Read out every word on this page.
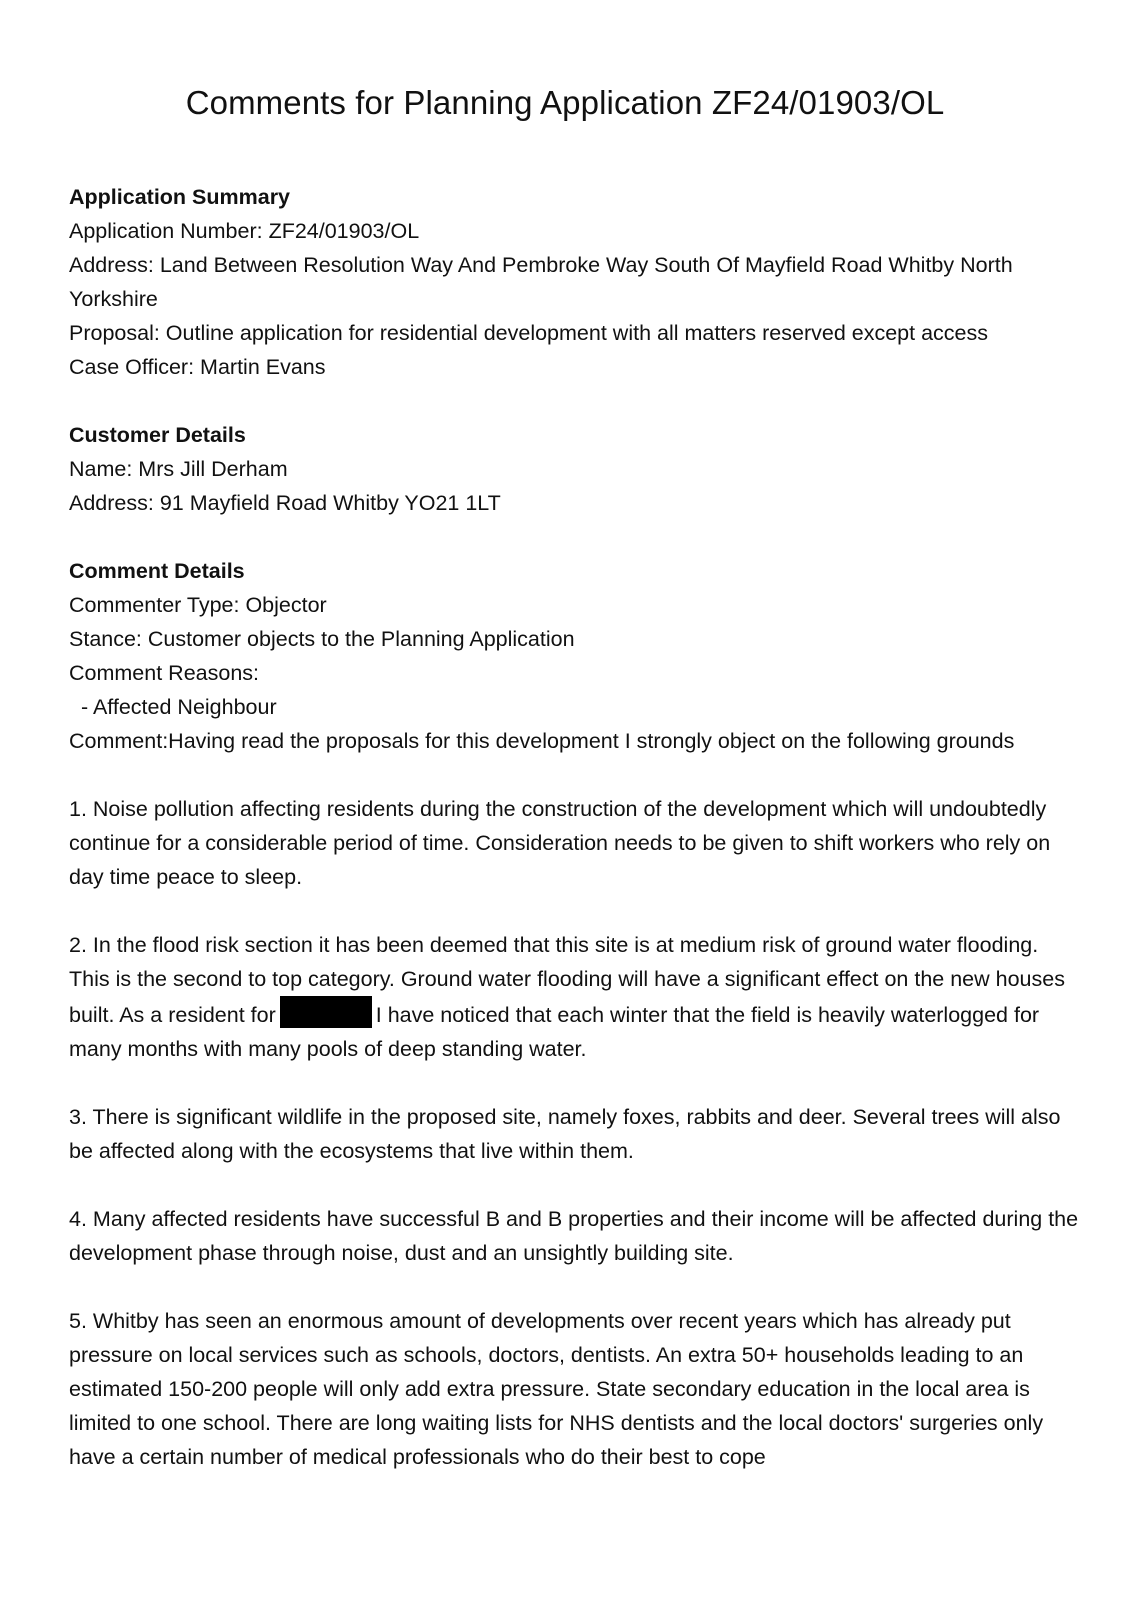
Comments for Planning Application ZF24/01903/OL
Application Summary

Application Number: ZF24/01903/OL

Address: Land Between Resolution Way And Pembroke Way South Of Mayfield Road Whitby North Yorkshire

Proposal: Outline application for residential development with all matters reserved except access

Case Officer: Martin Evans

Customer Details

Name: Mrs Jill Derham

Address: 91 Mayfield Road Whitby YO21 1LT

Comment Details

Commenter Type: Objector

Stance: Customer objects to the Planning Application

Comment Reasons:

- Affected Neighbour

Comment:Having read the proposals for this development I strongly object on the following grounds

1. Noise pollution affecting residents during the construction of the development which will undoubtedly continue for a considerable period of time. Consideration needs to be given to shift workers who rely on day time peace to sleep.

2. In the flood risk section it has been deemed that this site is at medium risk of ground water flooding. This is the second to top category. Ground water flooding will have a significant effect on the new houses built. As a resident for	I have noticed that each winter that the field is heavily waterlogged for many months with many pools of deep standing water.

3. There is significant wildlife in the proposed site, namely foxes, rabbits and deer. Several trees will also be affected along with the ecosystems that live within them.

4. Many affected residents have successful B and B properties and their income will be affected during the development phase through noise, dust and an unsightly building site.

5. Whitby has seen an enormous amount of developments over recent years which has already put pressure on local services such as schools, doctors, dentists. An extra 50+ households leading to an estimated 150-200 people will only add extra pressure. State secondary education in the local area is limited to one school. There are long waiting lists for NHS dentists and the local doctors' surgeries only have a certain number of medical professionals who do their best to cope
